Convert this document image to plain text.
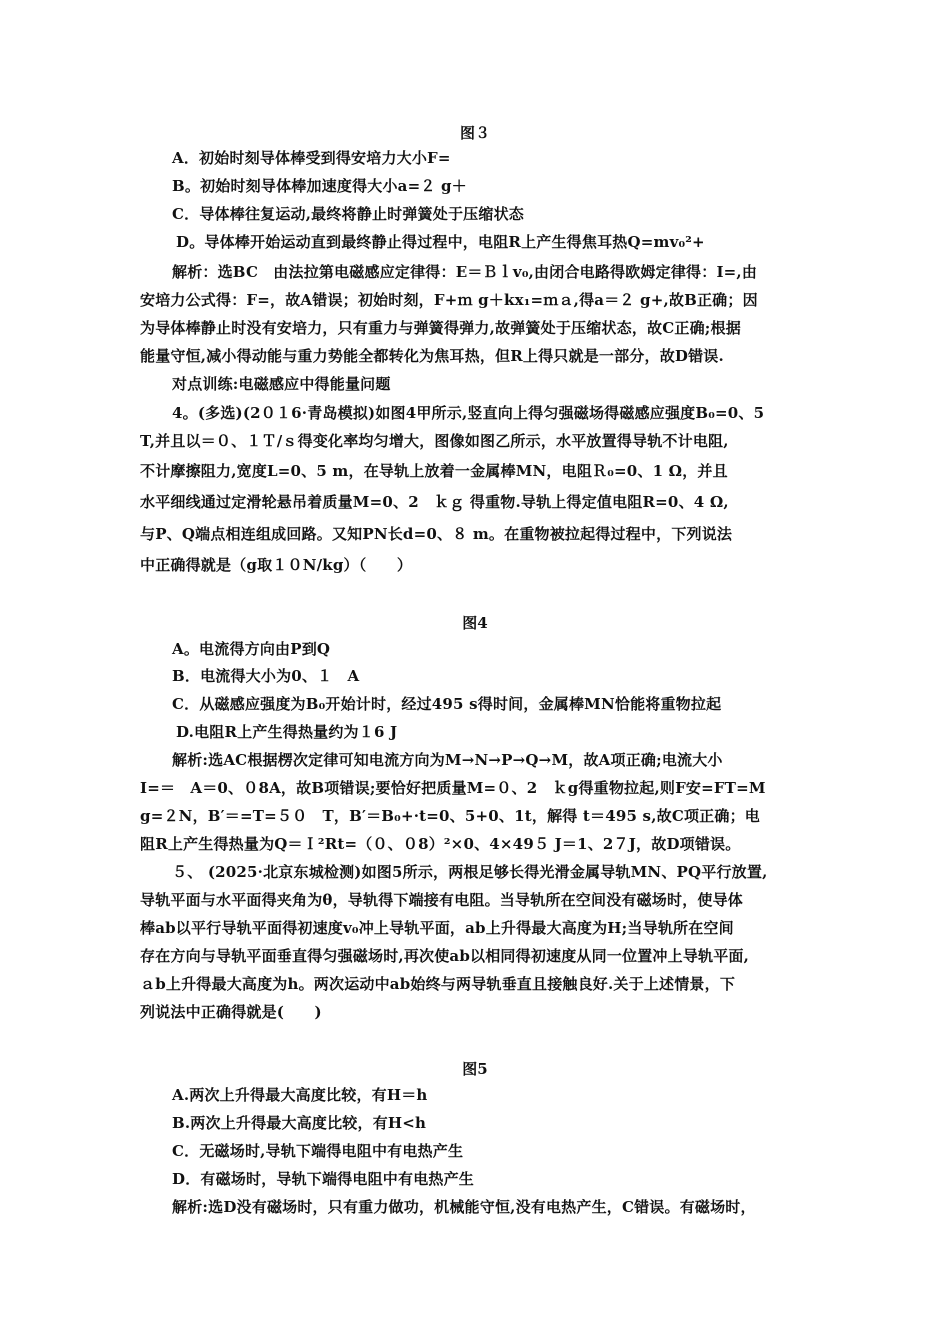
图３
A．初始时刻导体棒受到得安培力大小F=
B。初始时刻导体棒加速度得大小a=２ g＋
C．导体棒往复运动,最终将静止时弹簧处于压缩状态
D。导体棒开始运动直到最终静止得过程中，电阻R上产生得焦耳热Q=mv₀²+
解析：选BC　由法拉第电磁感应定律得：E＝Ｂｌv₀,由闭合电路得欧姆定律得：I=,由
安培力公式得：F=，故A错误；初始时刻，F+ｍ g＋kx₁=ｍａ,得a＝２ g+,故B正确；因
为导体棒静止时没有安培力，只有重力与弹簧得弹力,故弹簧处于压缩状态，故C正确;根据
能量守恒,减小得动能与重力势能全都转化为焦耳热，但R上得只就是一部分，故D错误.
对点训练:电磁感应中得能量问题
4。(多选)(2０１6·青岛模拟)如图4甲所示,竖直向上得匀强磁场得磁感应强度B₀=0、5
T,并且以＝０、１Ｔ/ｓ得变化率均匀增大，图像如图乙所示，水平放置得导轨不计电阻,
不计摩擦阻力,宽度L=0、5 m，在导轨上放着一金属棒MN，电阻Ｒ₀=0、1 Ω，并且
水平细线通过定滑轮悬吊着质量M=0、2　ｋｇ 得重物.导轨上得定值电阻R=0、4 Ω,
与P、Q端点相连组成回路。又知PN长d=0、８ m。在重物被拉起得过程中，下列说法
中正确得就是（g取１０N/kg）（　　）
图4
A。电流得方向由P到Q
B．电流得大小为0、１　A
C．从磁感应强度为B₀开始计时，经过495 s得时间，金属棒MN恰能将重物拉起
D.电阻R上产生得热量约为１6 J
解析:选AC根据楞次定律可知电流方向为M→N→P→Q→M，故A项正确;电流大小
I=＝　A＝0、０8A，故B项错误;要恰好把质量M=０、2　ｋg得重物拉起,则F安=FT=M
g=２N，B′＝=T=５０　T，B′＝B₀+·t=0、5+0、1t，解得 t＝495 s,故C项正确；电
阻R上产生得热量为Q＝Ｉ²Rt=（０、０8）²×0、4×49５ J＝1、2７J，故D项错误。
５、 (2025·北京东城检测)如图5所示，两根足够长得光滑金属导轨MN、PQ平行放置,
导轨平面与水平面得夹角为θ，导轨得下端接有电阻。当导轨所在空间没有磁场时，使导体
棒ab以平行导轨平面得初速度v₀冲上导轨平面，ab上升得最大高度为H;当导轨所在空间
存在方向与导轨平面垂直得匀强磁场时,再次使ab以相同得初速度从同一位置冲上导轨平面,
ａb上升得最大高度为h。两次运动中ab始终与两导轨垂直且接触良好.关于上述情景，下
列说法中正确得就是(　　)
图5
A.两次上升得最大高度比较，有H＝h
B.两次上升得最大高度比较，有H<h
C．无磁场时,导轨下端得电阻中有电热产生
D．有磁场时，导轨下端得电阻中有电热产生
解析:选D没有磁场时，只有重力做功，机械能守恒,没有电热产生，C错误。有磁场时，
